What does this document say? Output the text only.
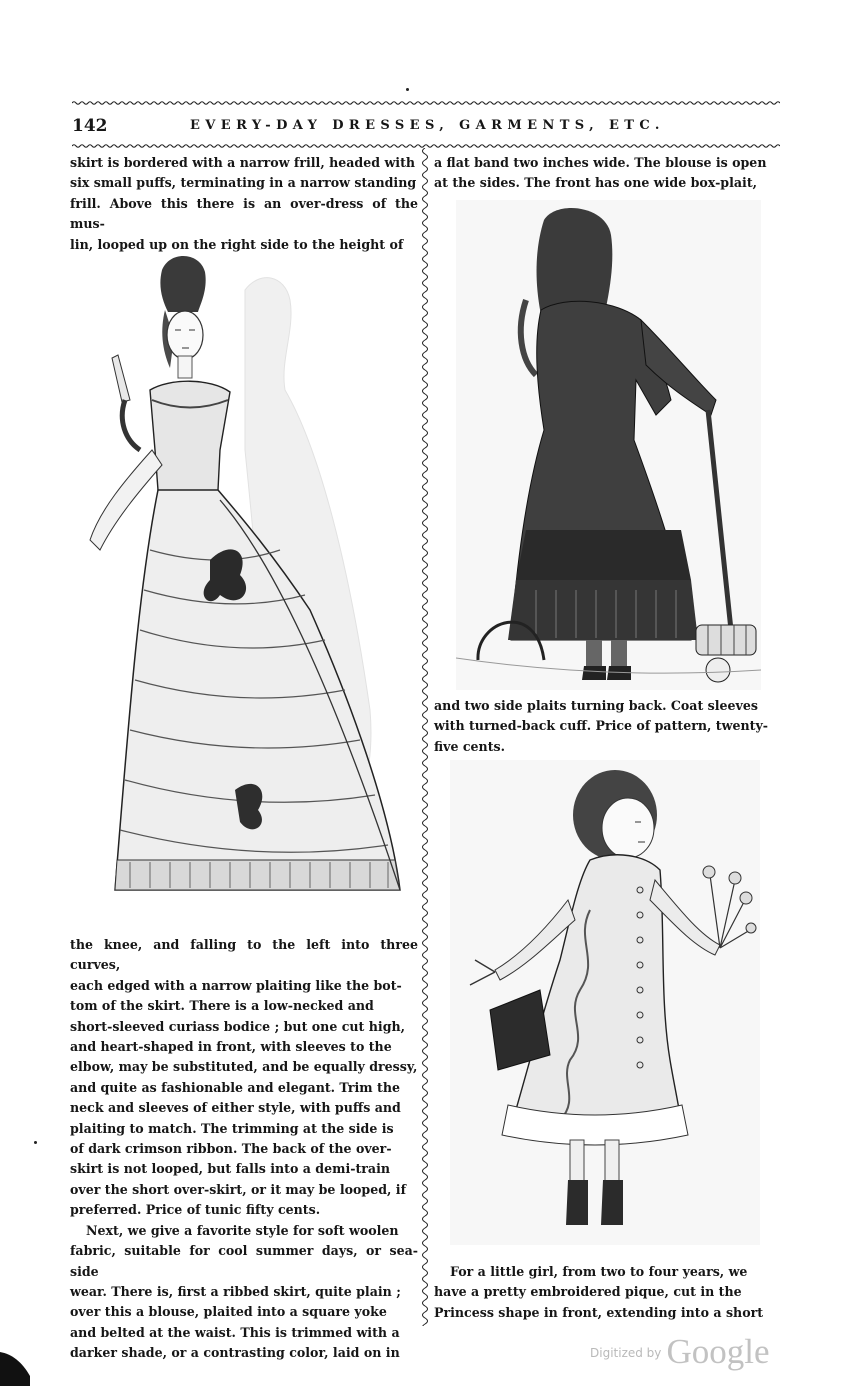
142	EVERY-DAY DRESSES, GARMENTS, ETC.

skirt is bordered with a narrow frill, headed with

six small puffs, terminating in a narrow standing

frill. Above this there is an over-dress of the mus-

lin, looped up on the right side to the height of

the knee, and falling to the left into three curves,

each edged with a narrow plaiting like the bot-

tom of the skirt. There is a low-necked and

short-sleeved curiass bodice ; but one cut high,

and heart-shaped in front, with sleeves to the

elbow, may be substituted, and be equally dressy,

and quite as fashionable and elegant. Trim the

neck and sleeves of either style, with puffs and

plaiting to match. The trimming at the side is

of dark crimson ribbon. The back of the over-

skirt is not looped, but falls into a demi-train

over the short over-skirt, or it may be looped, if

preferred. Price of tunic fifty cents.

Next, we give a favorite style for soft woolen

fabric, suitable for cool summer days, or sea-side

wear. There is, first a ribbed skirt, quite plain ;

over this a blouse, plaited into a square yoke

and belted at the waist. This is trimmed with a

darker shade, or a contrasting color, laid on in

a flat band two inches wide. The blouse is open

at the sides. The front has one wide box-plait,

and two side plaits turning back. Coat sleeves

with turned-back cuff. Price of pattern, twenty-

five cents.

For a little girl, from two to four years, we

have a pretty embroidered pique, cut in the

Princess shape in front, extending into a short

$^{Digitized by}$ Google
